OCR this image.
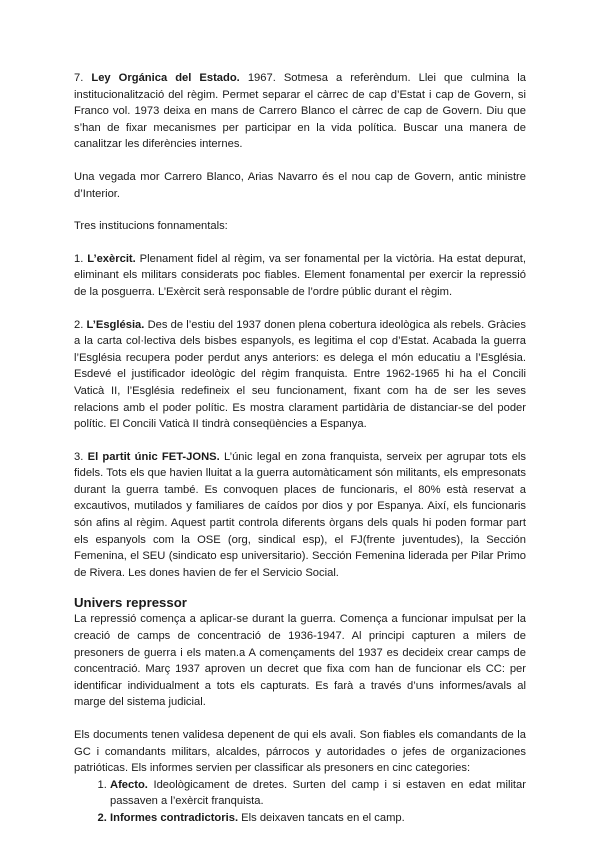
7. Ley Orgánica del Estado. 1967. Sotmesa a referèndum. Llei que culmina la institucionalització del règim. Permet separar el càrrec de cap d’Estat i cap de Govern, si Franco vol. 1973 deixa en mans de Carrero Blanco el càrrec de cap de Govern. Diu que s’han de fixar mecanismes per participar en la vida política. Buscar una manera de canalitzar les diferències internes.

Una vegada mor Carrero Blanco, Arias Navarro és el nou cap de Govern, antic ministre d’Interior.

Tres institucions fonnamentals:

1. L’exèrcit. Plenament fidel al règim, va ser fonamental per la victòria. Ha estat depurat, eliminant els militars considerats poc fiables. Element fonamental per exercir la repressió de la posguerra. L’Exèrcit serà responsable de l’ordre públic durant el règim.

2. L’Església. Des de l’estiu del 1937 donen plena cobertura ideològica als rebels. Gràcies a la carta col·lectiva dels bisbes espanyols, es legitima el cop d’Estat. Acabada la guerra l’Església recupera poder perdut anys anteriors: es delega el món educatiu a l’Església. Esdevé el justificador ideològic del règim franquista. Entre 1962-1965 hi ha el Concili Vaticà II, l’Església redefineix el seu funcionament, fixant com ha de ser les seves relacions amb el poder polític. Es mostra clarament partidària de distanciar-se del poder polític. El Concili Vaticà II tindrà conseqüències a Espanya.

3. El partit únic FET-JONS. L’únic legal en zona franquista, serveix per agrupar tots els fidels. Tots els que havien lluitat a la guerra automàticament són militants, els empresonats durant la guerra també. Es convoquen places de funcionaris, el 80% està reservat a excautivos, mutilados y familiares de caídos por dios y por Espanya. Així, els funcionaris són afins al règim. Aquest partit controla diferents òrgans dels quals hi poden formar part els espanyols com la OSE (org, sindical esp), el FJ(frente juventudes), la Sección Femenina, el SEU (sindicato esp universitario). Sección Femenina liderada per Pilar Primo de Rivera. Les dones havien de fer el Servicio Social.

Univers repressor

La repressió comença a aplicar-se durant la guerra. Comença a funcionar impulsat per la creació de camps de concentració de 1936-1947. Al principi capturen a milers de presoners de guerra i els maten.a A començaments del 1937 es decideix crear camps de concentració. Març 1937 aproven un decret que fixa com han de funcionar els CC: per identificar individualment a tots els capturats. Es farà a través d’uns informes/avals al marge del sistema judicial.

Els documents tenen validesa depenent de qui els avali. Son fiables els comandants de la GC i comandants militars, alcaldes, párrocos y autoridades o jefes de organizaciones patrióticas. Els informes servien per classificar als presoners en cinc categories:

1. Afecto. Ideològicament de dretes. Surten del camp i si estaven en edat militar passaven a l’exèrcit franquista.
2. Informes contradictoris. Els deixaven tancats en el camp.
